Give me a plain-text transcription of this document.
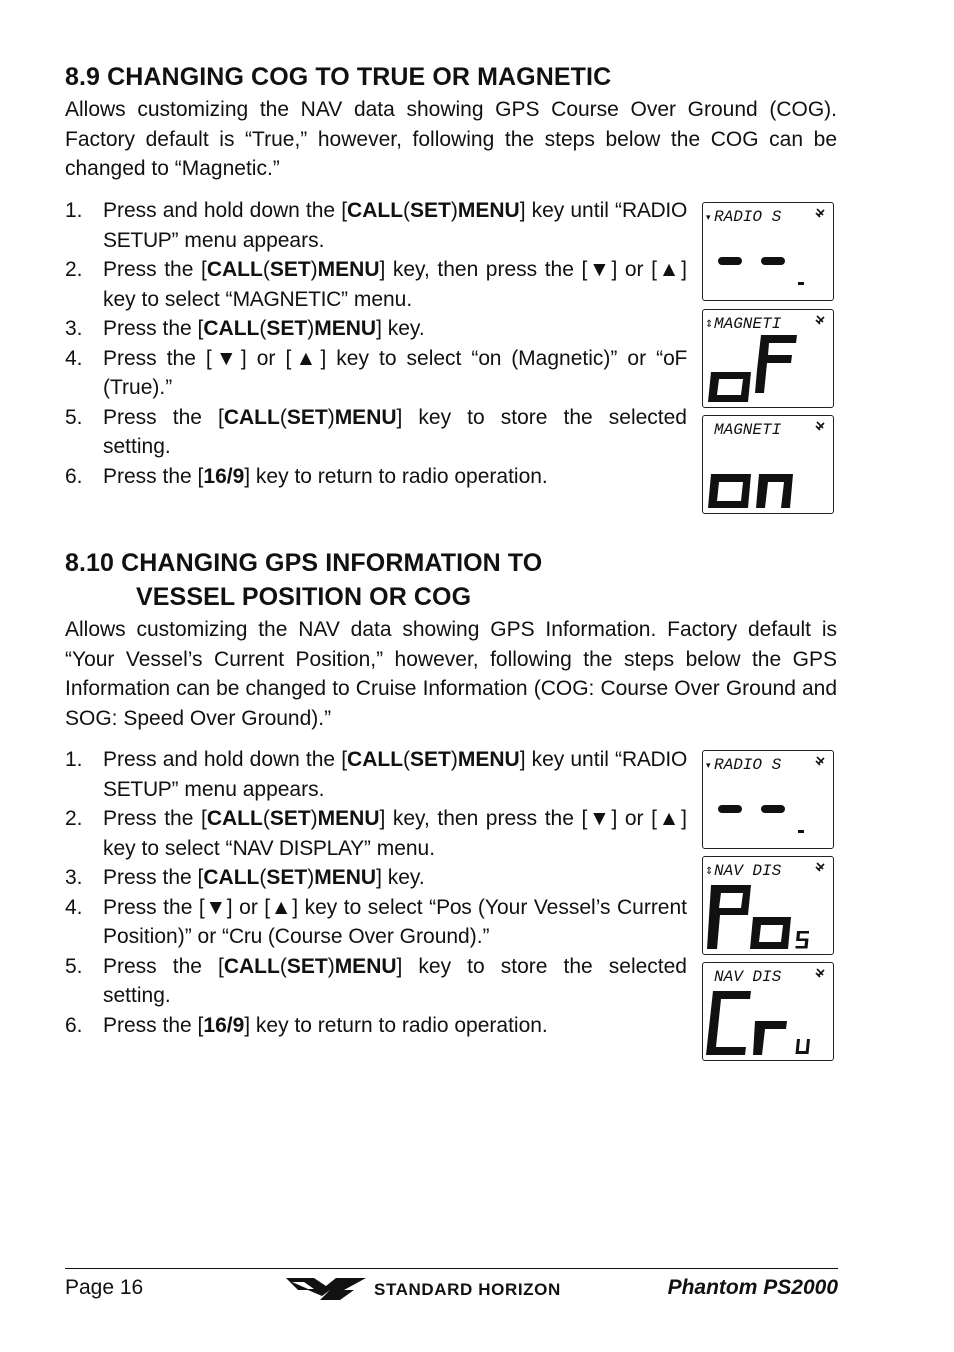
8.9 CHANGING COG TO TRUE OR MAGNETIC

Allows customizing the NAV data showing GPS Course Over Ground (COG). Factory default is “True,” however, following the steps below the COG can be changed to “Magnetic.”

1. Press and hold down the [CALL(SET)MENU] key until “RADIO SETUP” menu appears.
2. Press the [CALL(SET)MENU] key, then press the [▼] or [▲] key to select “MAGNETIC” menu.
3. Press the [CALL(SET)MENU] key.
4. Press the [▼] or [▲] key to select “on (Magnetic)” or “oF (True).”
5. Press the [CALL(SET)MENU] key to store the selected setting.
6. Press the [16/9] key to return to radio operation.
▾ RADIO S
⇕ MAGNETI
MAGNETI
8.10 CHANGING GPS INFORMATION TO
VESSEL POSITION OR COG

Allows customizing the NAV data showing GPS Information. Factory default is “Your Vessel’s Current Position,” however, following the steps below the GPS Information can be changed to Cruise Information (COG: Course Over Ground and SOG: Speed Over Ground).”

1. Press and hold down the [CALL(SET)MENU] key until “RADIO SETUP” menu appears.
2. Press the [CALL(SET)MENU] key, then press the [▼] or [▲] key to select “NAV DISPLAY” menu.
3. Press the [CALL(SET)MENU] key.
4. Press the [▼] or [▲] key to select “Pos (Your Vessel’s Current Position)” or “Cru (Course Over Ground).”
5. Press the [CALL(SET)MENU] key to store the selected setting.
6. Press the [16/9] key to return to radio operation.
▾ RADIO S
⇕ NAV DIS
NAV DIS
Page 16	STANDARD HORIZON	Phantom PS2000
